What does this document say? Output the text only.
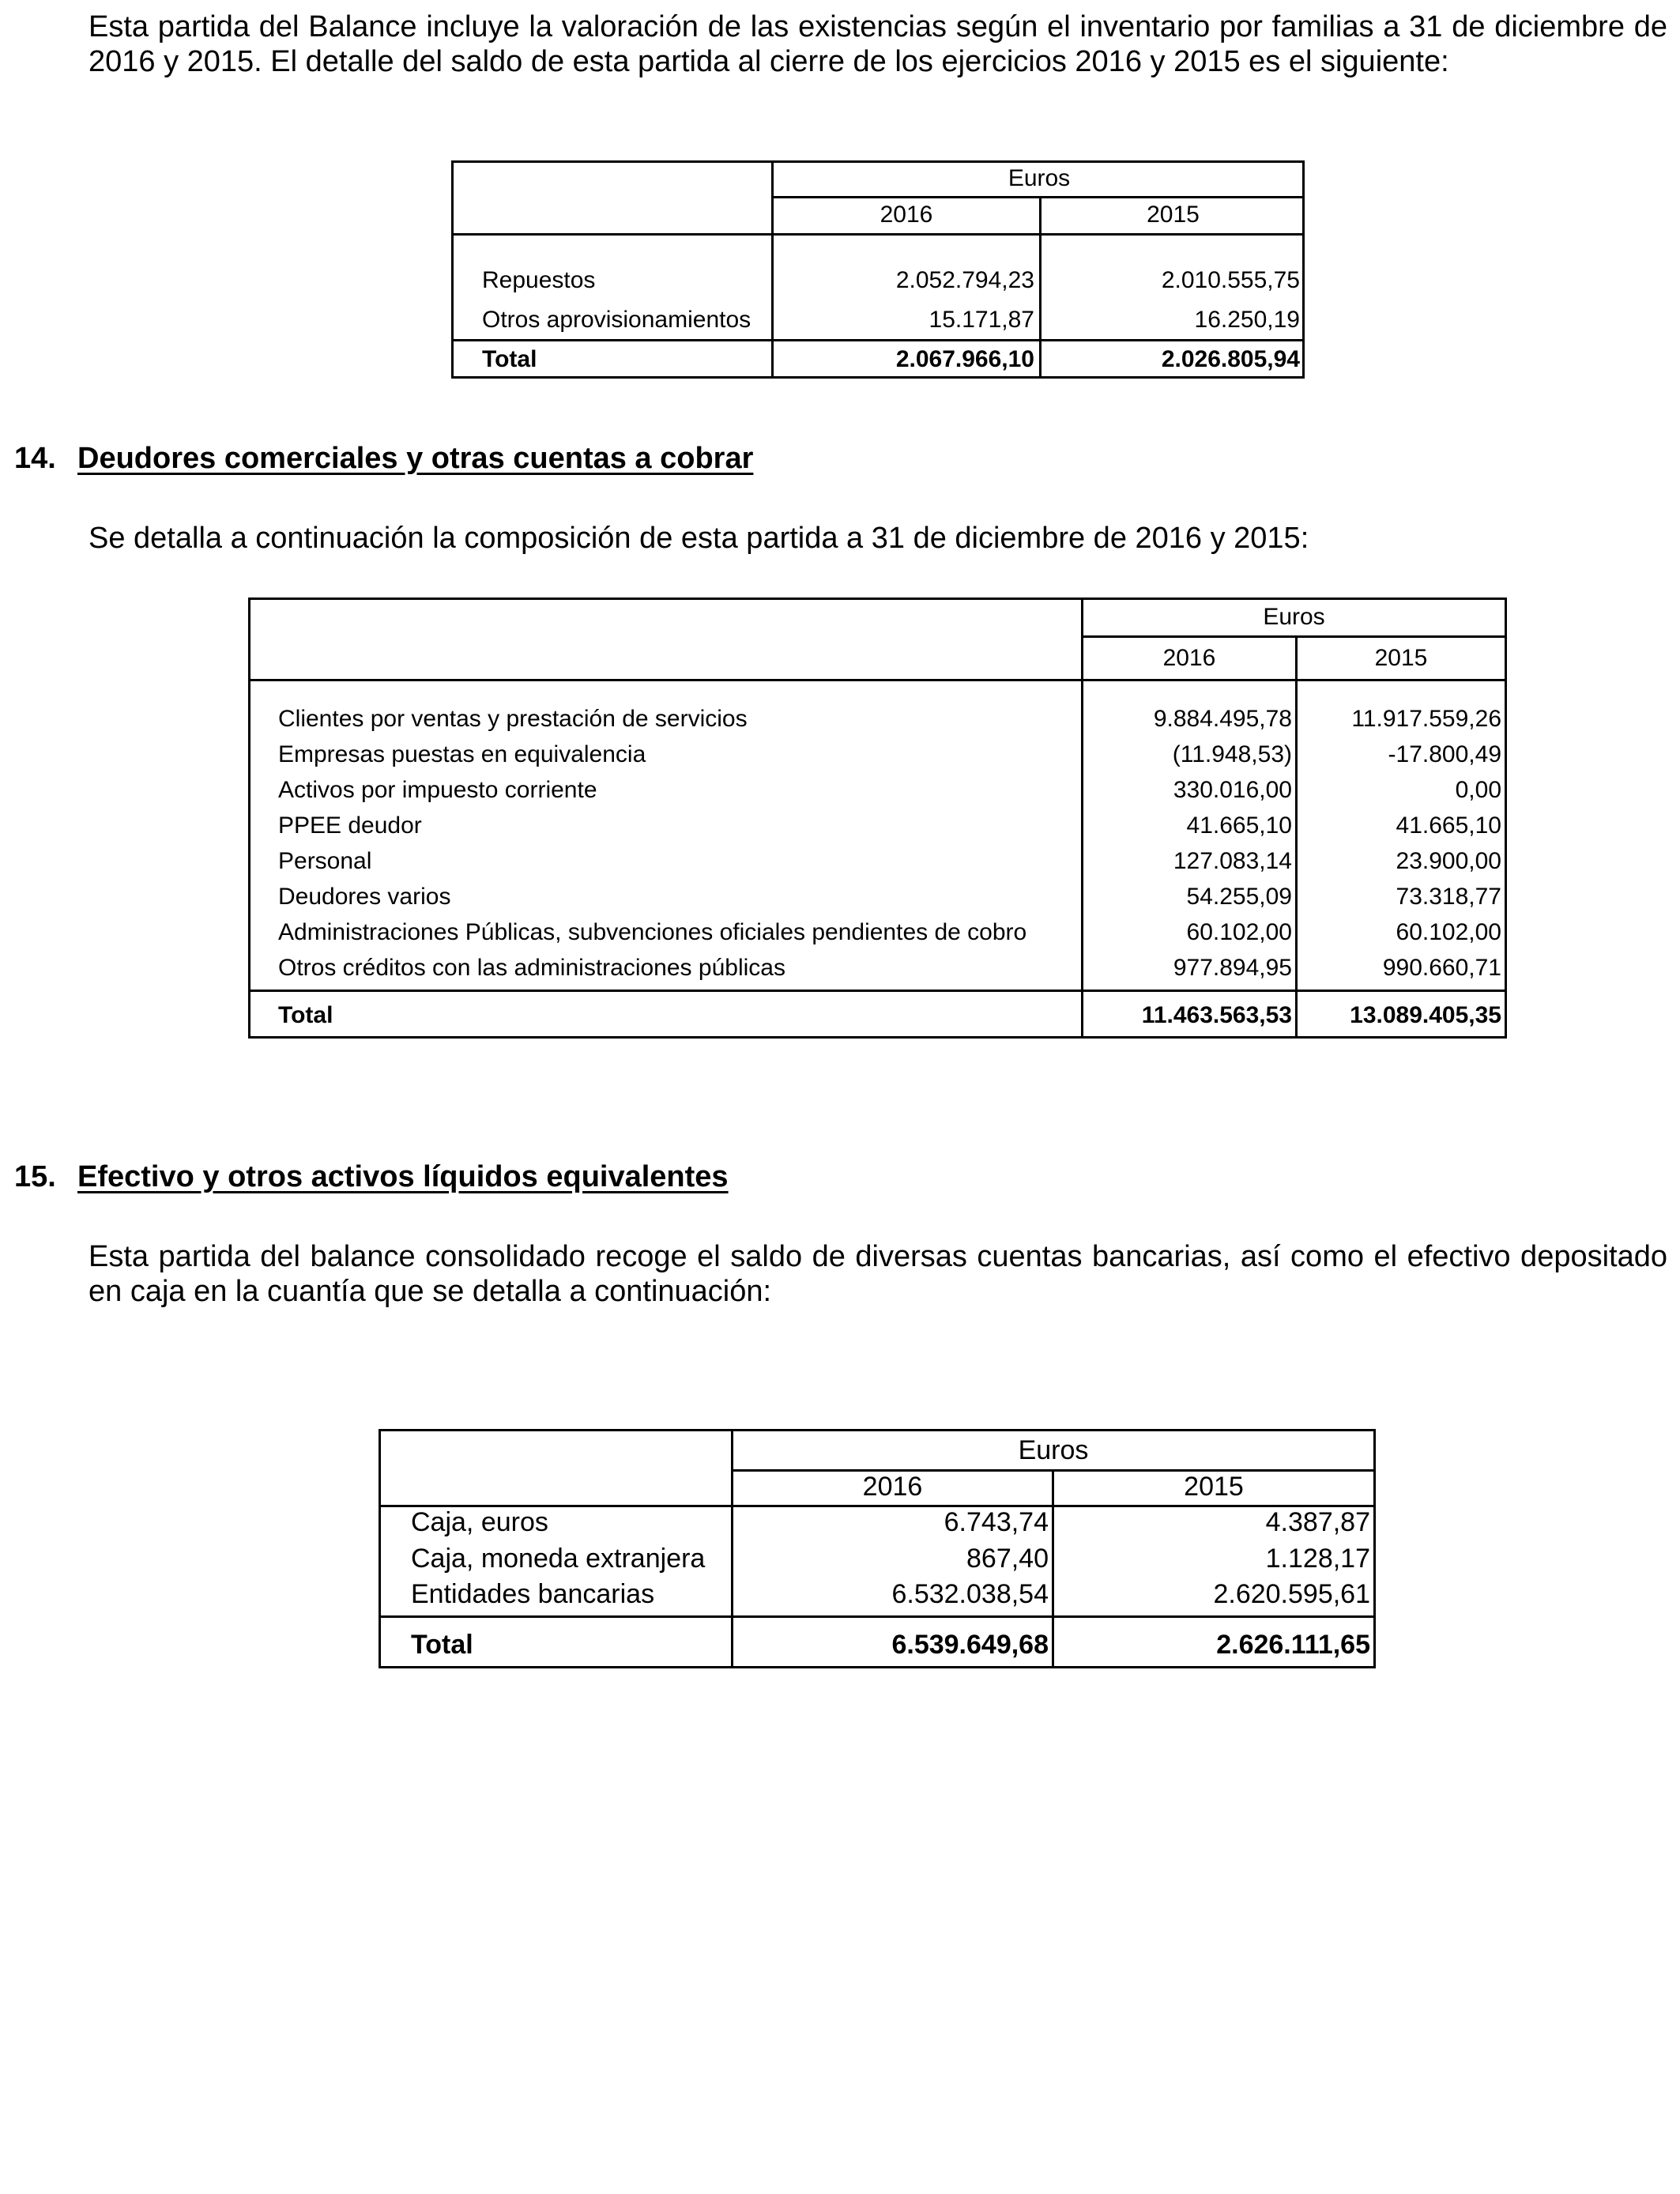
Esta partida del Balance incluye la valoración de las existencias según el inventario por familias a 31 de diciembre de 2016 y 2015. El detalle del saldo de esta partida al cierre de los ejercicios 2016 y 2015 es el siguiente:
Euros
2016	2015
Repuestos	2.052.794,23	2.010.555,75
Otros aprovisionamientos	15.171,87	16.250,19
Total	2.067.966,10	2.026.805,94
14. Deudores comerciales y otras cuentas a cobrar
Se detalla a continuación la composición de esta partida a 31 de diciembre de 2016 y 2015:
Euros
2016	2015
Clientes por ventas y prestación de servicios	9.884.495,78	11.917.559,26
Empresas puestas en equivalencia	(11.948,53)	-17.800,49
Activos por impuesto corriente	330.016,00	0,00
PPEE deudor	41.665,10	41.665,10
Personal	127.083,14	23.900,00
Deudores varios	54.255,09	73.318,77
Administraciones Públicas, subvenciones oficiales pendientes de cobro	60.102,00	60.102,00
Otros créditos con las administraciones públicas	977.894,95	990.660,71
Total	11.463.563,53	13.089.405,35
15. Efectivo y otros activos líquidos equivalentes
Esta partida del balance consolidado recoge el saldo de diversas cuentas bancarias, así como el efectivo depositado en caja en la cuantía que se detalla a continuación:
Euros
2016	2015
Caja, euros	6.743,74	4.387,87
Caja, moneda extranjera	867,40	1.128,17
Entidades bancarias	6.532.038,54	2.620.595,61
Total	6.539.649,68	2.626.111,65
